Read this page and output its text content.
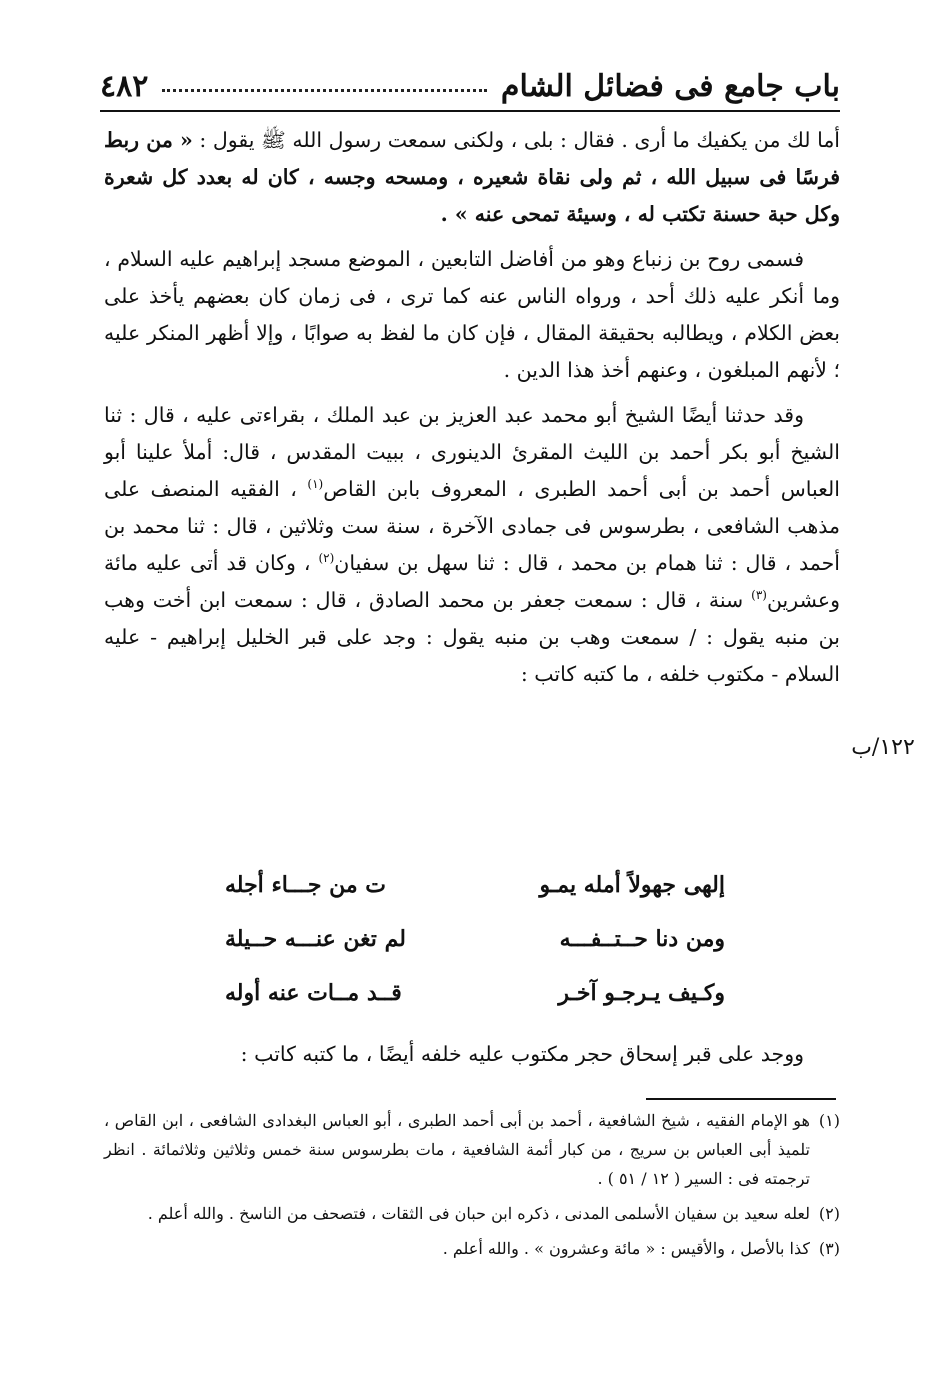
باب جامع فى فضائل الشام
٤٨٢

أما لك من يكفيك ما أرى . فقال : بلى ، ولكنى سمعت رسول الله ﷺ يقول : « من ربط فرسًا فى سبيل الله ، ثم ولى نقاة شعيره ، ومسحه وجسه ، كان له بعدد كل شعرة وكل حبة حسنة تكتب له ، وسيئة تمحى عنه » .

فسمى روح بن زنباع وهو من أفاضل التابعين ، الموضع مسجد إبراهيم عليه السلام ، وما أنكر عليه ذلك أحد ، ورواه الناس عنه كما ترى ، فى زمان كان بعضهم يأخذ على بعض الكلام ، ويطالبه بحقيقة المقال ، فإن كان ما لفظ به صوابًا ، وإلا أظهر المنكر عليه ؛ لأنهم المبلغون ، وعنهم أخذ هذا الدين .

وقد حدثنا أيضًا الشيخ أبو محمد عبد العزيز بن عبد الملك ، بقراءتى عليه ، قال : ثنا الشيخ أبو بكر أحمد بن الليث المقرئ الدينورى ، ببيت المقدس ، قال: أملأ علينا أبو العباس أحمد بن أبى أحمد الطبرى ، المعروف بابن القاص$^{(١)}$ ، الفقيه المنصف على مذهب الشافعى ، بطرسوس فى جمادى الآخرة ، سنة ست وثلاثين ، قال : ثنا محمد بن أحمد ، قال : ثنا همام بن محمد ، قال : ثنا سهل بن سفيان$^{(٢)}$ ، وكان قد أتى عليه مائة وعشرين$^{(٣)}$ سنة ، قال : سمعت جعفر بن محمد الصادق ، قال : سمعت ابن أخت وهب بن منبه يقول : / سمعت وهب بن منبه يقول : وجد على قبر الخليل إبراهيم - عليه السلام - مكتوب خلفه ، ما كتبه كاتب :

١٢٢/ب
إلهى جهولاً أمله يمـو
ت من جـــاء أجله
ومن دنا حــتــفـــه
لم تغن عنـــه حــيلة
وكـيف يـرجـو آخـر
قــد مــات عنه أوله
ووجد على قبر إسحاق حجر مكتوب عليه خلفه أيضًا ، ما كتبه كاتب :
(١)
هو الإمام الفقيه ، شيخ الشافعية ، أحمد بن أبى أحمد الطبرى ، أبو العباس البغدادى الشافعى ، ابن القاص ، تلميذ أبى العباس بن سريج ، من كبار أئمة الشافعية ، مات بطرسوس سنة خمس وثلاثين وثلاثمائة . انظر ترجمته فى : السير ( ١٢ / ٥١ ) .
(٢)
لعله سعيد بن سفيان الأسلمى المدنى ، ذكره ابن حبان فى الثقات ، فتصحف من الناسخ . والله أعلم .
(٣)
كذا بالأصل ، والأقيس : « مائة وعشرون » . والله أعلم .
